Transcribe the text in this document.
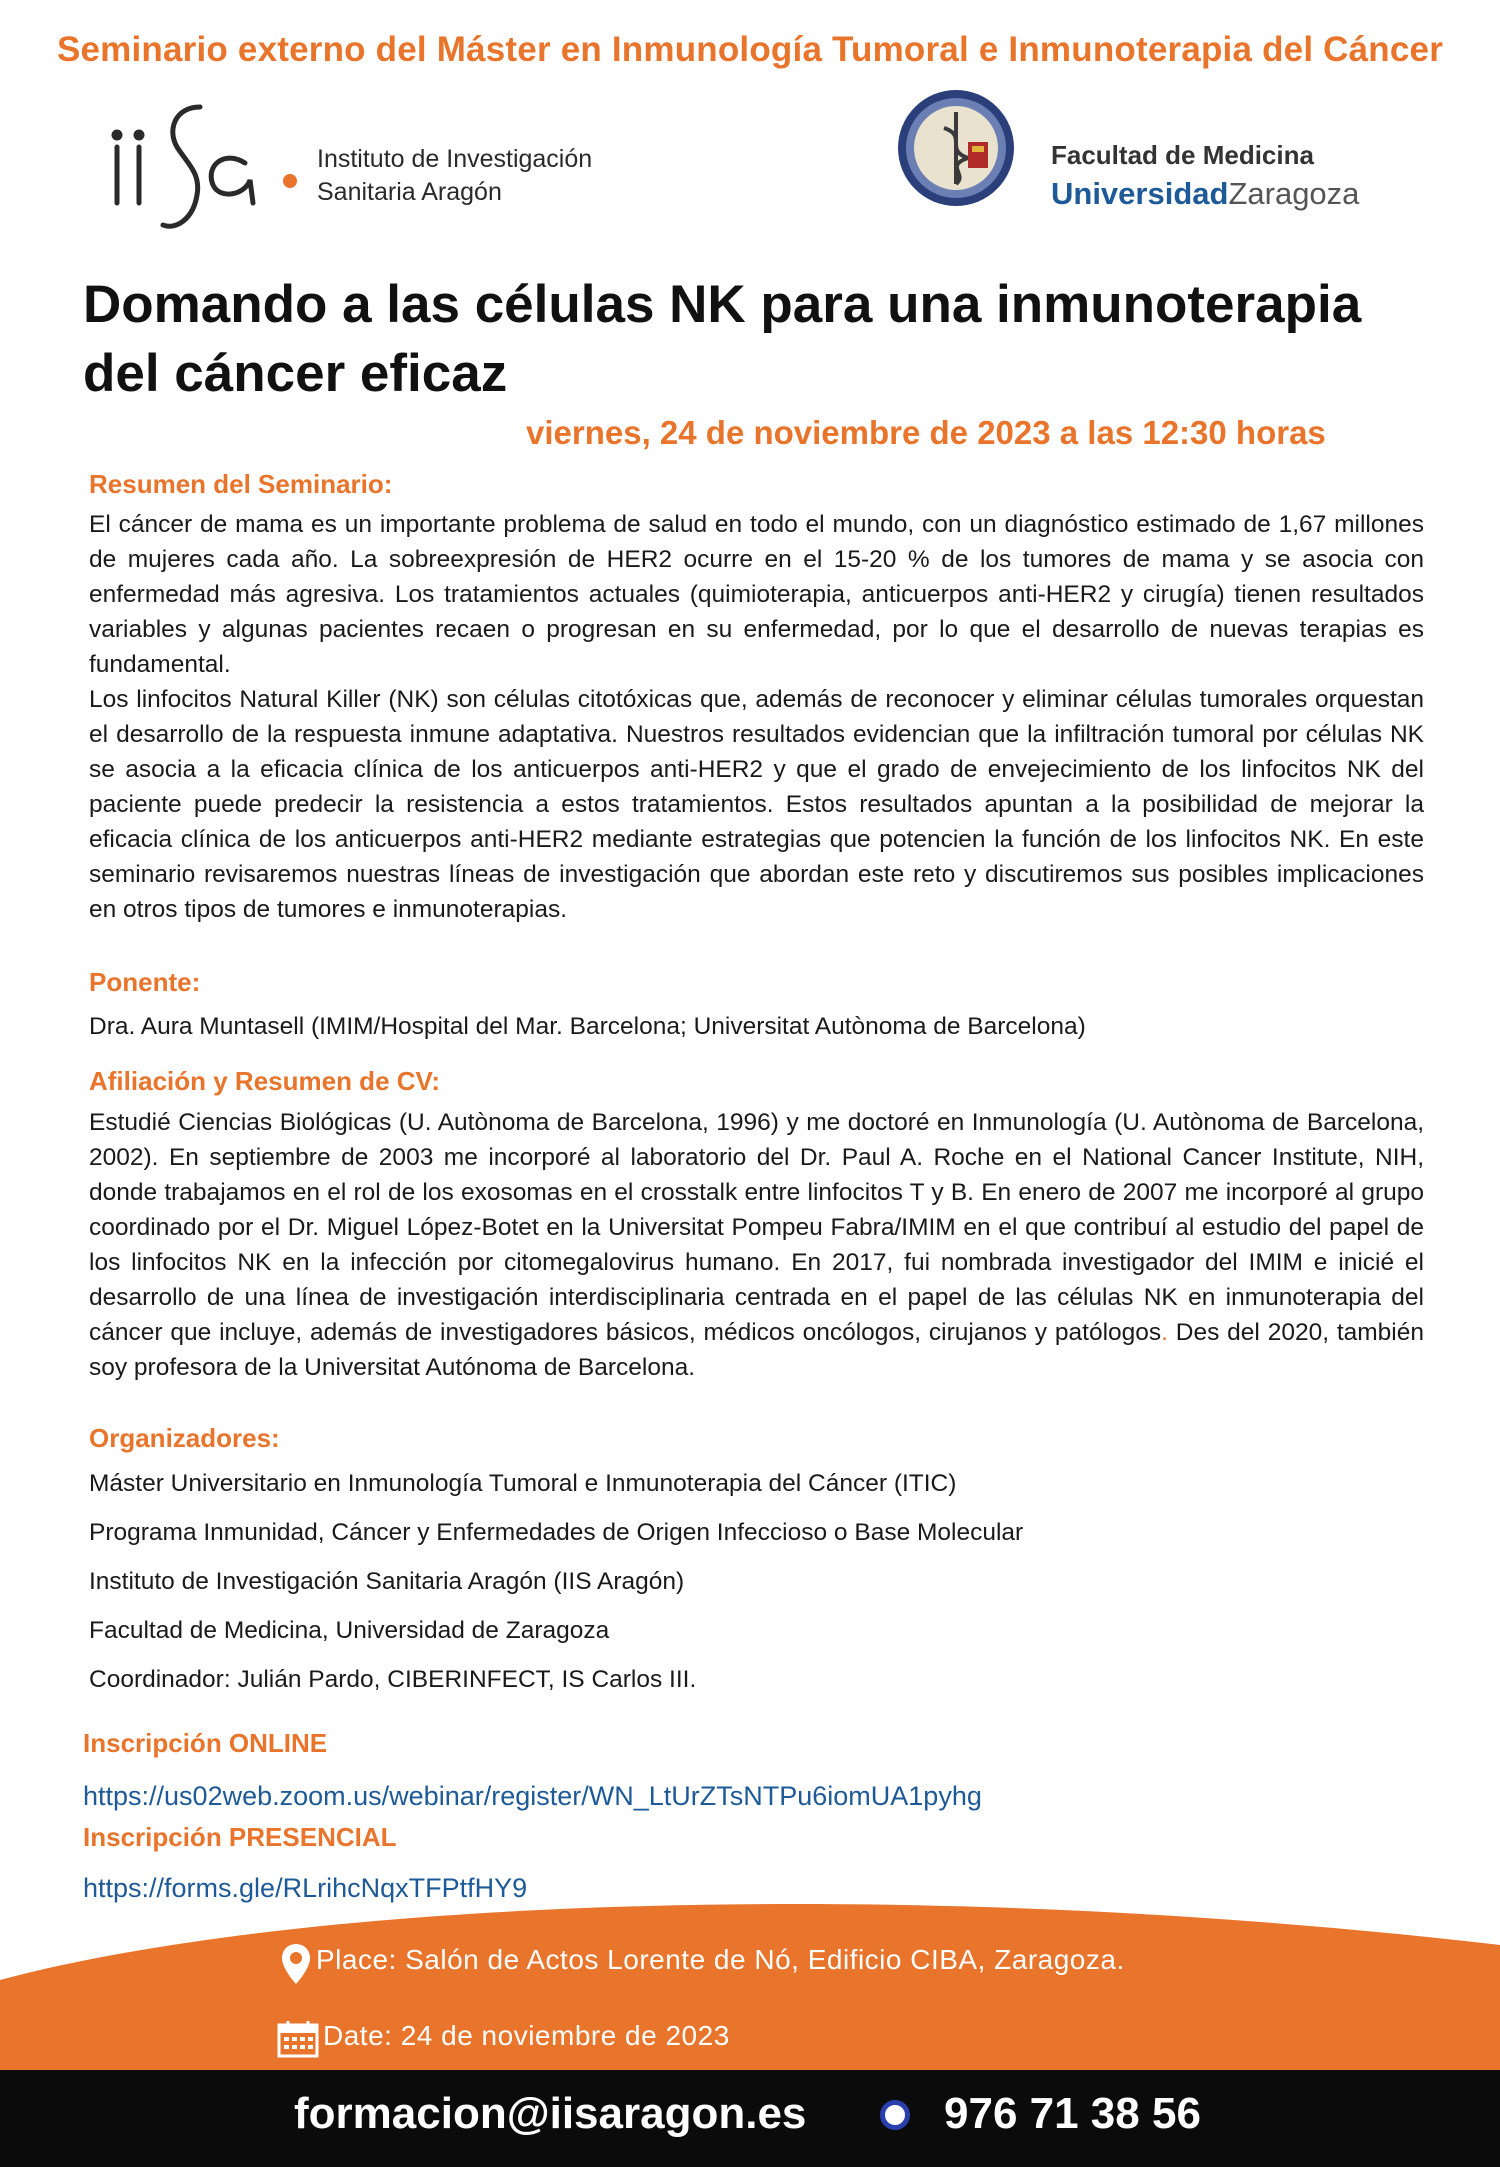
Seminario externo del Máster en Inmunología Tumoral e Inmunoterapia del Cáncer
Instituto de Investigación
Sanitaria Aragón
Facultad de Medicina
UniversidadZaragoza
Domando a las células NK para una inmunoterapia
del cáncer eficaz
viernes, 24 de noviembre de 2023 a las 12:30 horas
Resumen del Seminario:

El cáncer de mama es un importante problema de salud en todo el mundo, con un diagnóstico estimado de 1,67 millones de mujeres cada año. La sobreexpresión de HER2 ocurre en el 15-20 % de los tumores de mama y se asocia con enfermedad más agresiva. Los tratamientos actuales (quimioterapia, anticuerpos anti-HER2 y cirugía) tienen resultados variables y algunas pacientes recaen o progresan en su enfermedad, por lo que el desarrollo de nuevas terapias es fundamental.

Los linfocitos Natural Killer (NK) son células citotóxicas que, además de reconocer y eliminar células tumorales orquestan el desarrollo de la respuesta inmune adaptativa. Nuestros resultados evidencian que la infiltración tumoral por células NK se asocia a la eficacia clínica de los anticuerpos anti-HER2 y que el grado de envejecimiento de los linfocitos NK del paciente puede predecir la resistencia a estos tratamientos. Estos resultados apuntan a la posibilidad de mejorar la eficacia clínica de los anticuerpos anti-HER2 mediante estrategias que potencien la función de los linfocitos NK. En este seminario revisaremos nuestras líneas de investigación que abordan este reto y discutiremos sus posibles implicaciones en otros tipos de tumores e inmunoterapias.

Ponente:
Dra. Aura Muntasell (IMIM/Hospital del Mar. Barcelona; Universitat Autònoma de Barcelona)
Afiliación y Resumen de CV:
Estudié Ciencias Biológicas (U. Autònoma de Barcelona, 1996) y me doctoré en Inmunología (U. Autònoma de Barcelona, 2002). En septiembre de 2003 me incorporé al laboratorio del Dr. Paul A. Roche en el National Cancer Institute, NIH, donde trabajamos en el rol de los exosomas en el crosstalk entre linfocitos T y B. En enero de 2007 me incorporé al grupo coordinado por el Dr. Miguel López-Botet en la Universitat Pompeu Fabra/IMIM en el que contribuí al estudio del papel de los linfocitos NK en la infección por citomegalovirus humano. En 2017, fui nombrada investigador del IMIM e inicié el desarrollo de una línea de investigación interdisciplinaria centrada en el papel de las células NK en inmunoterapia del cáncer que incluye, además de investigadores básicos, médicos oncólogos, cirujanos y patólogos. Des del 2020, también soy profesora de la Universitat Autónoma de Barcelona.
Organizadores:
Máster Universitario en Inmunología Tumoral e Inmunoterapia del Cáncer (ITIC)
Programa Inmunidad, Cáncer y Enfermedades de Origen Infeccioso o Base Molecular
Instituto de Investigación Sanitaria Aragón (IIS Aragón)
Facultad de Medicina, Universidad de Zaragoza
Coordinador: Julián Pardo, CIBERINFECT, IS Carlos III.
Inscripción ONLINE
https://us02web.zoom.us/webinar/register/WN_LtUrZTsNTPu6iomUA1pyhg
Inscripción PRESENCIAL
https://forms.gle/RLrihcNqxTFPtfHY9
Place: Salón de Actos Lorente de Nó, Edificio CIBA, Zaragoza.
Date: 24 de noviembre de 2023
formacion@iisaragon.es	976 71 38 56
